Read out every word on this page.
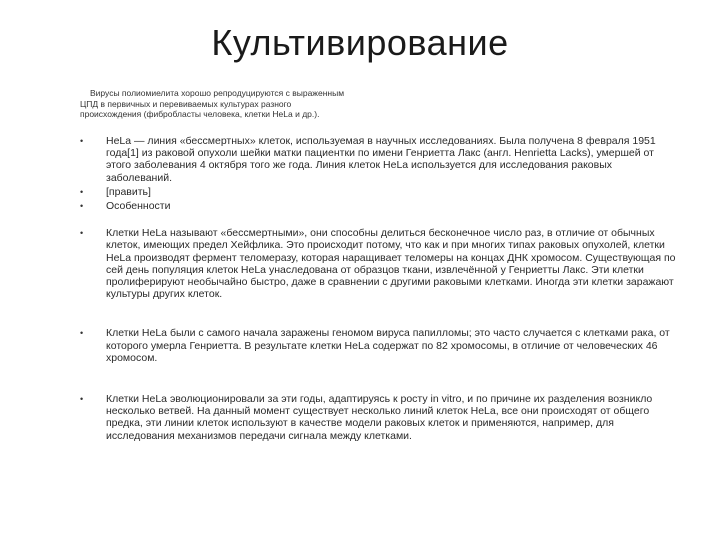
Культивирование

Вирусы полиомиелита хорошо репродуцируются с выраженным ЦПД в первичных и перевиваемых культурах разного происхождения (фибробласты человека, клетки HeLa и др.).

• HeLa — линия «бессмертных» клеток, используемая в научных исследованиях. Была получена 8 февраля 1951 года[1] из раковой опухоли шейки матки пациентки по имени Генриетта Лакс (англ. Henrietta Lacks), умершей от этого заболевания 4 октября того же года. Линия клеток HeLa используется для исследования раковых заболеваний.
• [править]
• Особенности
• Клетки HeLa называют «бессмертными», они способны делиться бесконечное число раз, в отличие от обычных клеток, имеющих предел Хейфлика. Это происходит потому, что как и при многих типах раковых опухолей, клетки HeLa производят фермент теломеразу, которая наращивает теломеры на концах ДНК хромосом. Существующая по сей день популяция клеток HeLa унаследована от образцов ткани, извлечённой у Генриетты Лакс. Эти клетки пролиферируют необычайно быстро, даже в сравнении с другими раковыми клетками. Иногда эти клетки заражают культуры других клеток.
• Клетки HeLa были с самого начала заражены геномом вируса папилломы; это часто случается с клетками рака, от которого умерла Генриетта. В результате клетки HeLa содержат по 82 хромосомы, в отличие от человеческих 46 хромосом.
• Клетки HeLa эволюционировали за эти годы, адаптируясь к росту in vitro, и по причине их разделения возникло несколько ветвей. На данный момент существует несколько линий клеток HeLa, все они происходят от общего предка, эти линии клеток используют в качестве модели раковых клеток и применяются, например, для исследования механизмов передачи сигнала между клетками.
